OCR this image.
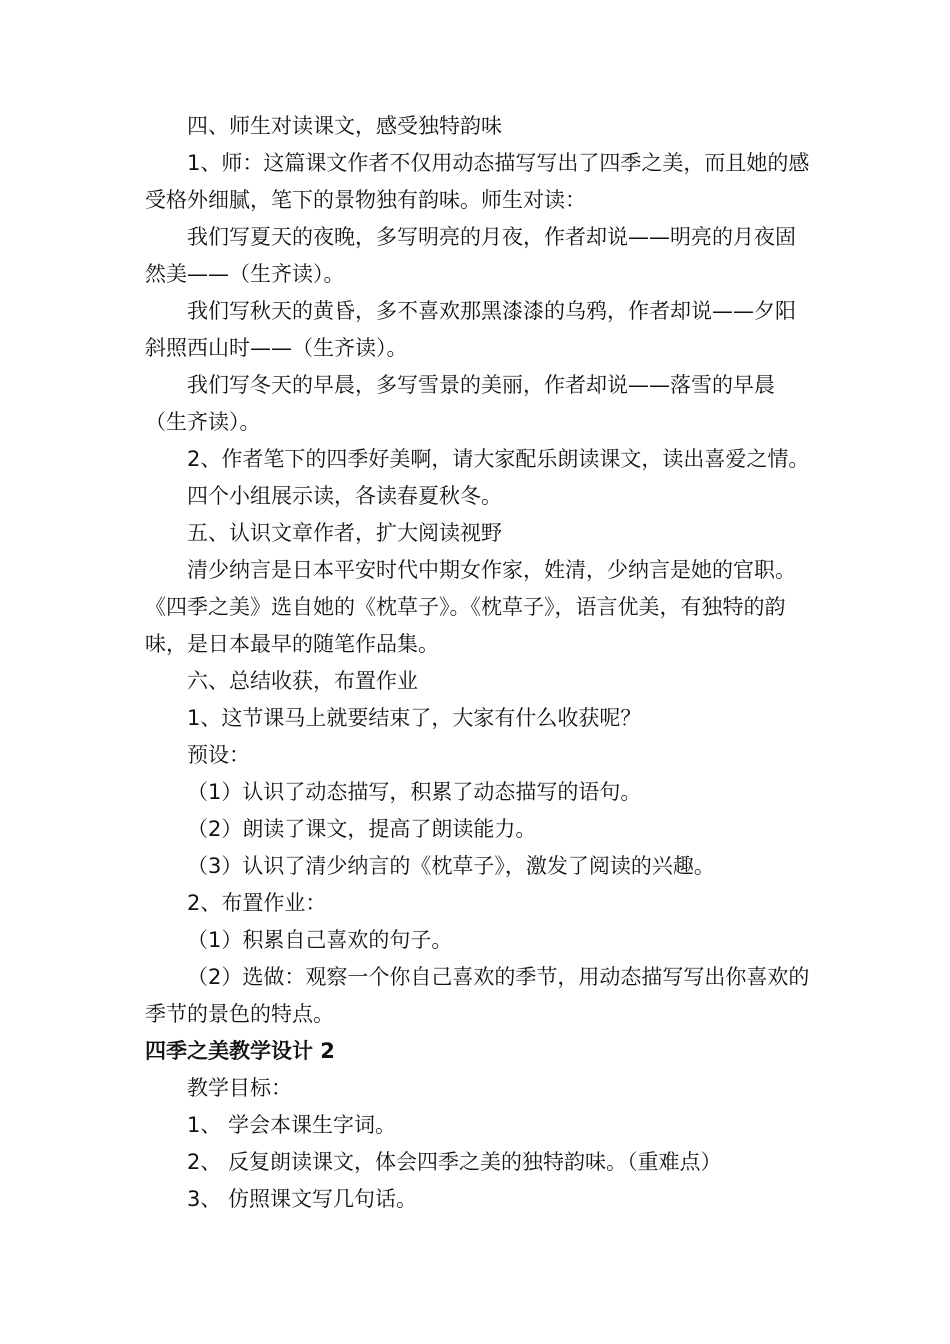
四、师生对读课文，感受独特韵味

1、师：这篇课文作者不仅用动态描写写出了四季之美，而且她的感受格外细腻，笔下的景物独有韵味。师生对读：

我们写夏天的夜晚，多写明亮的月夜，作者却说——明亮的月夜固然美——（生齐读）。

我们写秋天的黄昏，多不喜欢那黑漆漆的乌鸦，作者却说——夕阳斜照西山时——（生齐读）。

我们写冬天的早晨，多写雪景的美丽，作者却说——落雪的早晨（生齐读）。

2、作者笔下的四季好美啊，请大家配乐朗读课文，读出喜爱之情。

四个小组展示读，各读春夏秋冬。

五、认识文章作者，扩大阅读视野

清少纳言是日本平安时代中期女作家，姓清，少纳言是她的官职。《四季之美》选自她的《枕草子》。《枕草子》，语言优美，有独特的韵味，是日本最早的随笔作品集。

六、总结收获，布置作业

1、这节课马上就要结束了，大家有什么收获呢？

预设：

（1）认识了动态描写，积累了动态描写的语句。

（2）朗读了课文，提高了朗读能力。

（3）认识了清少纳言的《枕草子》，激发了阅读的兴趣。

2、布置作业：

（1）积累自己喜欢的句子。

（2）选做：观察一个你自己喜欢的季节，用动态描写写出你喜欢的季节的景色的特点。

四季之美教学设计 2

教学目标：

1、 学会本课生字词。

2、 反复朗读课文，体会四季之美的独特韵味。（重难点）

3、 仿照课文写几句话。
